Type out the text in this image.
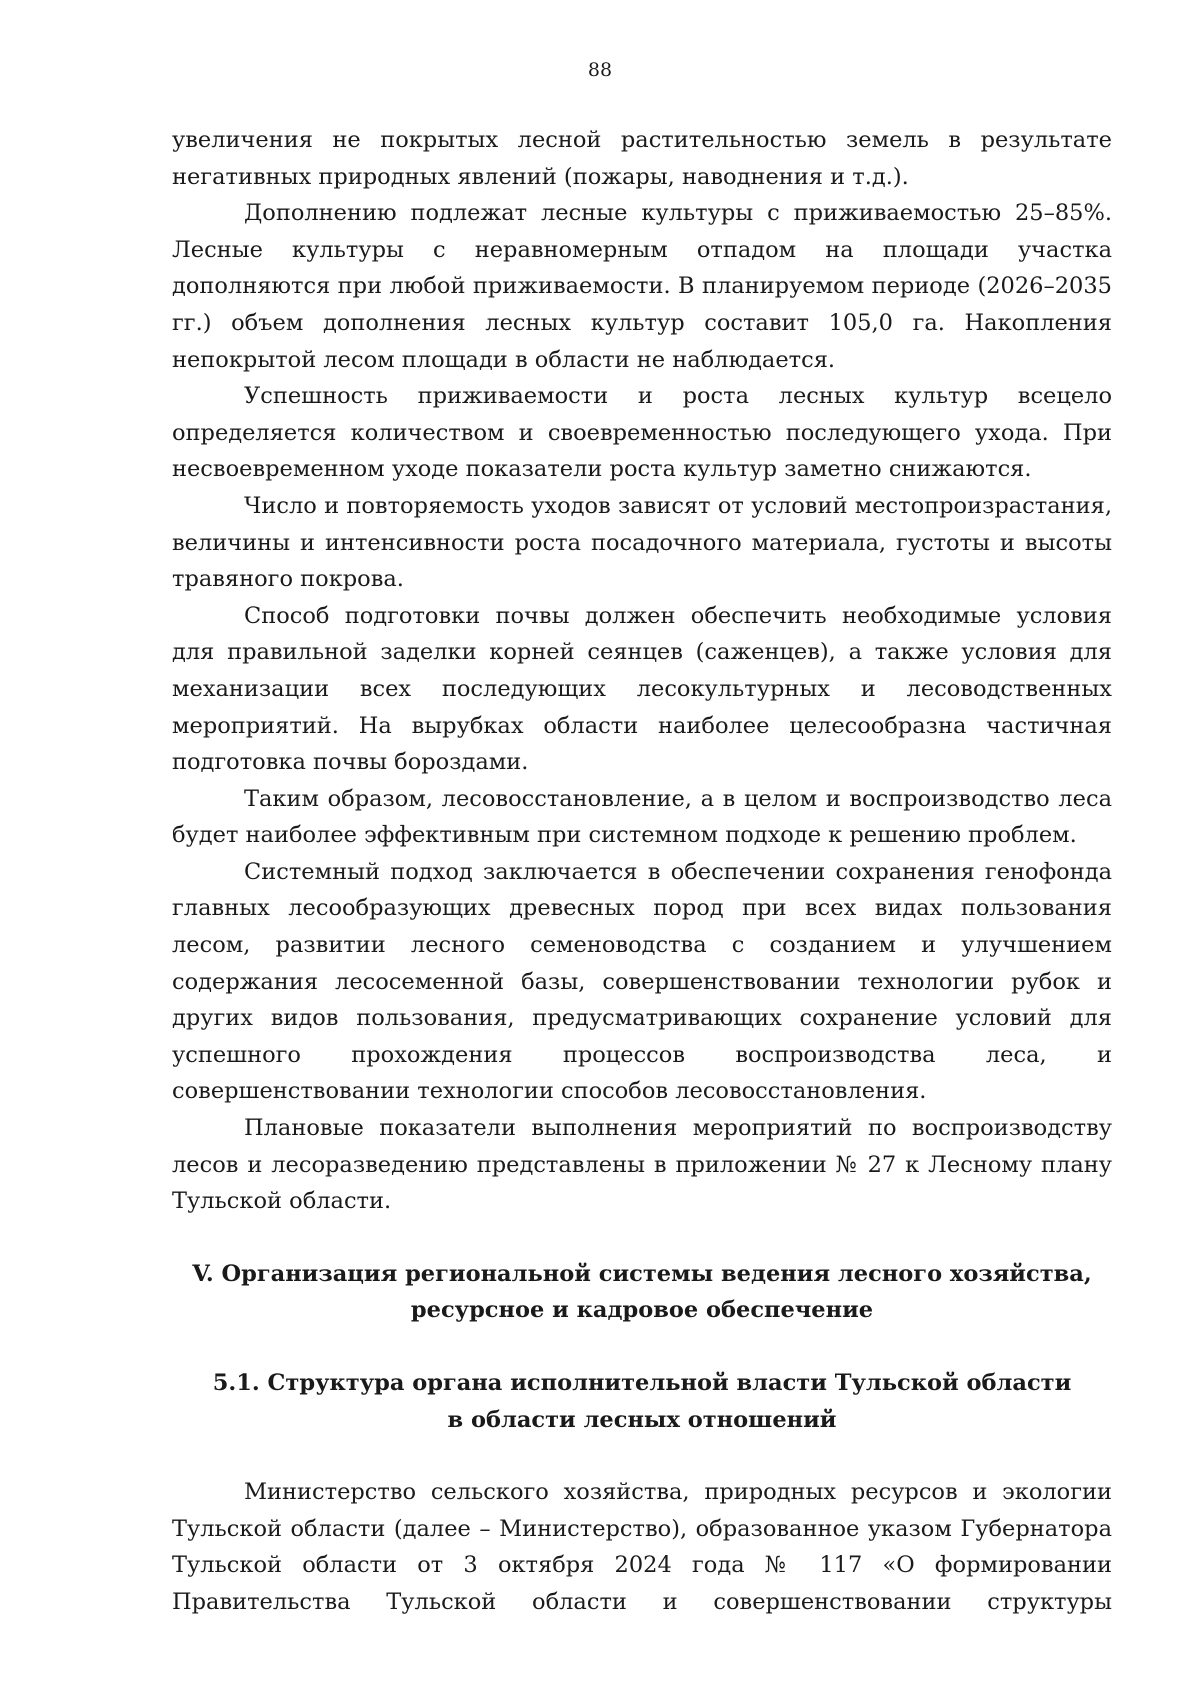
88

увеличения не покрытых лесной растительностью земель в результате негативных природных явлений (пожары, наводнения и т.д.).

Дополнению подлежат лесные культуры с приживаемостью 25–85%. Лесные культуры с неравномерным отпадом на площади участка дополняются при любой приживаемости. В планируемом периоде (2026–2035 гг.) объем дополнения лесных культур составит 105,0 га. Накопления непокрытой лесом площади в области не наблюдается.

Успешность приживаемости и роста лесных культур всецело определяется количеством и своевременностью последующего ухода. При несвоевременном уходе показатели роста культур заметно снижаются.

Число и повторяемость уходов зависят от условий местопроизрастания, величины и интенсивности роста посадочного материала, густоты и высоты травяного покрова.

Способ подготовки почвы должен обеспечить необходимые условия для правильной заделки корней сеянцев (саженцев), а также условия для механизации всех последующих лесокультурных и лесоводственных мероприятий. На вырубках области наиболее целесообразна частичная подготовка почвы бороздами.

Таким образом, лесовосстановление, а в целом и воспроизводство леса будет наиболее эффективным при системном подходе к решению проблем.

Системный подход заключается в обеспечении сохранения генофонда главных лесообразующих древесных пород при всех видах пользования лесом, развитии лесного семеноводства с созданием и улучшением содержания лесосеменной базы, совершенствовании технологии рубок и других видов пользования, предусматривающих сохранение условий для успешного прохождения процессов воспроизводства леса, и совершенствовании технологии способов лесовосстановления.

Плановые показатели выполнения мероприятий по воспроизводству лесов и лесоразведению представлены в приложении № 27 к Лесному плану Тульской области.

V. Организация региональной системы ведения лесного хозяйства,
ресурсное и кадровое обеспечение
5.1. Структура органа исполнительной власти Тульской области
в области лесных отношений

Министерство сельского хозяйства, природных ресурсов и экологии Тульской области (далее – Министерство), образованное указом Губернатора Тульской области от 3 октября 2024 года № 117 «О формировании Правительства Тульской области и совершенствовании структуры
